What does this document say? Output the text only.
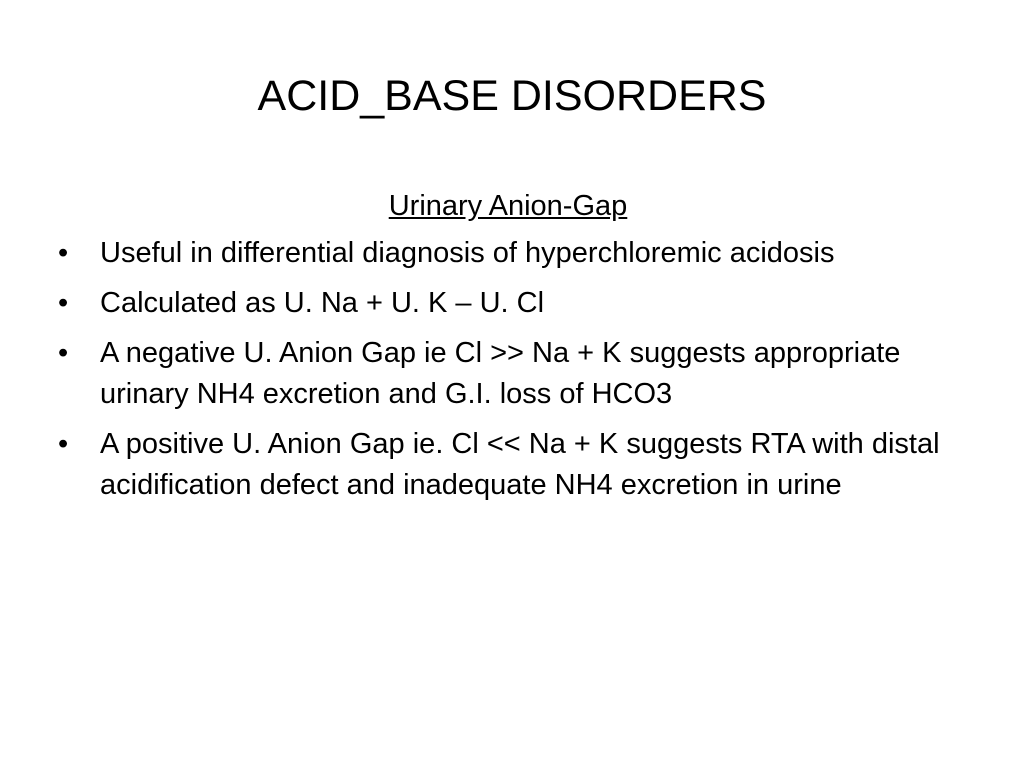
ACID_BASE DISORDERS
Urinary Anion-Gap
• Useful in differential diagnosis of hyperchloremic acidosis
• Calculated as U. Na + U. K – U. Cl
• A negative U. Anion Gap ie Cl >> Na + K suggests appropriate urinary NH4 excretion and G.I. loss of HCO3
• A positive U. Anion Gap ie. Cl << Na + K suggests RTA with distal acidification defect and inadequate NH4 excretion in urine
